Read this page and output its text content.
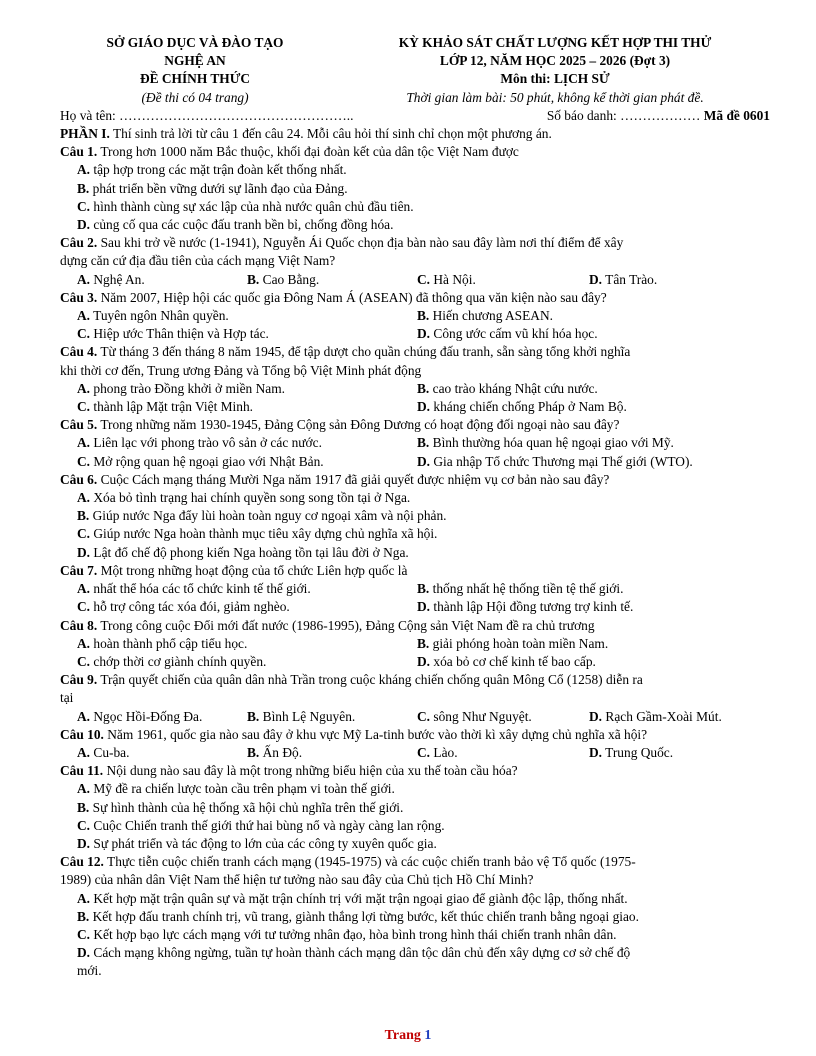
SỞ GIÁO DỤC VÀ ĐÀO TẠO
NGHỆ AN
ĐỀ CHÍNH THỨC
(Đề thi có 04 trang)
KỲ KHẢO SÁT CHẤT LƯỢNG KẾT HỢP THI THỬ
LỚP 12, NĂM HỌC 2025 – 2026 (Đợt 3)
Môn thi: LỊCH SỬ
Thời gian làm bài: 50 phút, không kể thời gian phát đề.
Họ và tên: ……………………………………………..	Số báo danh: ……………… Mã đề 0601
PHẦN I. Thí sinh trả lời từ câu 1 đến câu 24. Mỗi câu hỏi thí sinh chỉ chọn một phương án.
Câu 1. Trong hơn 1000 năm Bắc thuộc, khối đại đoàn kết của dân tộc Việt Nam được
A. tập hợp trong các mặt trận đoàn kết thống nhất.
B. phát triển bền vững dưới sự lãnh đạo của Đảng.
C. hình thành cùng sự xác lập của nhà nước quân chủ đầu tiên.
D. củng cố qua các cuộc đấu tranh bền bỉ, chống đồng hóa.
Câu 2. Sau khi trở về nước (1-1941), Nguyễn Ái Quốc chọn địa bàn nào sau đây làm nơi thí điểm để xây
dựng căn cứ địa đầu tiên của cách mạng Việt Nam?
A. Nghệ An.	B. Cao Bằng.	C. Hà Nội.	D. Tân Trào.
Câu 3. Năm 2007, Hiệp hội các quốc gia Đông Nam Á (ASEAN) đã thông qua văn kiện nào sau đây?
A. Tuyên ngôn Nhân quyền.	B. Hiến chương ASEAN.
C. Hiệp ước Thân thiện và Hợp tác.	D. Công ước cấm vũ khí hóa học.
Câu 4. Từ tháng 3 đến tháng 8 năm 1945, để tập dượt cho quần chúng đấu tranh, sẵn sàng tổng khởi nghĩa
khi thời cơ đến, Trung ương Đảng và Tổng bộ Việt Minh phát động
A. phong trào Đồng khởi ở miền Nam.	B. cao trào kháng Nhật cứu nước.
C. thành lập Mặt trận Việt Minh.	D. kháng chiến chống Pháp ở Nam Bộ.
Câu 5. Trong những năm 1930-1945, Đảng Cộng sản Đông Dương có hoạt động đối ngoại nào sau đây?
A. Liên lạc với phong trào vô sản ở các nước.	B. Bình thường hóa quan hệ ngoại giao với Mỹ.
C. Mở rộng quan hệ ngoại giao với Nhật Bản.	D. Gia nhập Tổ chức Thương mại Thế giới (WTO).
Câu 6. Cuộc Cách mạng tháng Mười Nga năm 1917 đã giải quyết được nhiệm vụ cơ bản nào sau đây?
A. Xóa bỏ tình trạng hai chính quyền song song tồn tại ở Nga.
B. Giúp nước Nga đẩy lùi hoàn toàn nguy cơ ngoại xâm và nội phản.
C. Giúp nước Nga hoàn thành mục tiêu xây dựng chủ nghĩa xã hội.
D. Lật đổ chế độ phong kiến Nga hoàng tồn tại lâu đời ở Nga.
Câu 7. Một trong những hoạt động của tổ chức Liên hợp quốc là
A. nhất thể hóa các tổ chức kinh tế thế giới.	B. thống nhất hệ thống tiền tệ thế giới.
C. hỗ trợ công tác xóa đói, giảm nghèo.	D. thành lập Hội đồng tương trợ kinh tế.
Câu 8. Trong công cuộc Đổi mới đất nước (1986-1995), Đảng Cộng sản Việt Nam đề ra chủ trương
A. hoàn thành phổ cập tiểu học.	B. giải phóng hoàn toàn miền Nam.
C. chớp thời cơ giành chính quyền.	D. xóa bỏ cơ chế kinh tế bao cấp.
Câu 9. Trận quyết chiến của quân dân nhà Trần trong cuộc kháng chiến chống quân Mông Cổ (1258) diễn ra
tại
A. Ngọc Hồi-Đống Đa.	B. Bình Lệ Nguyên.	C. sông Như Nguyệt.	D. Rạch Gầm-Xoài Mút.
Câu 10. Năm 1961, quốc gia nào sau đây ở khu vực Mỹ La-tinh bước vào thời kì xây dựng chủ nghĩa xã hội?
A. Cu-ba.	B. Ấn Độ.	C. Lào.	D. Trung Quốc.
Câu 11. Nội dung nào sau đây là một trong những biểu hiện của xu thế toàn cầu hóa?
A. Mỹ đề ra chiến lược toàn cầu trên phạm vi toàn thế giới.
B. Sự hình thành của hệ thống xã hội chủ nghĩa trên thế giới.
C. Cuộc Chiến tranh thế giới thứ hai bùng nổ và ngày càng lan rộng.
D. Sự phát triển và tác động to lớn của các công ty xuyên quốc gia.
Câu 12. Thực tiễn cuộc chiến tranh cách mạng (1945-1975) và các cuộc chiến tranh bảo vệ Tổ quốc (1975-
1989) của nhân dân Việt Nam thể hiện tư tưởng nào sau đây của Chủ tịch Hồ Chí Minh?
A. Kết hợp mặt trận quân sự và mặt trận chính trị với mặt trận ngoại giao để giành độc lập, thống nhất.
B. Kết hợp đấu tranh chính trị, vũ trang, giành thắng lợi từng bước, kết thúc chiến tranh bằng ngoại giao.
C. Kết hợp bạo lực cách mạng với tư tưởng nhân đạo, hòa bình trong hình thái chiến tranh nhân dân.
D. Cách mạng không ngừng, tuần tự hoàn thành cách mạng dân tộc dân chủ đến xây dựng cơ sở chế độ
mới.
Trang 1
